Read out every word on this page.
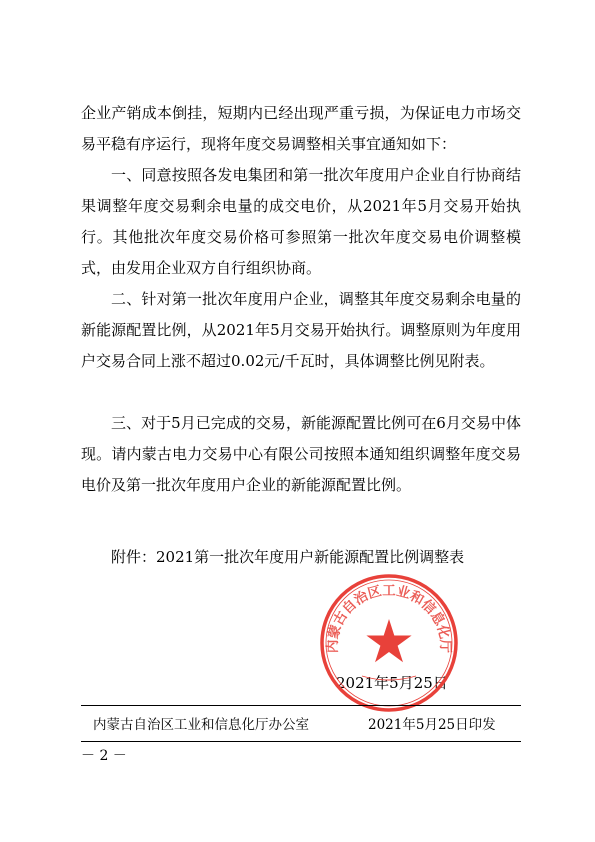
企业产销成本倒挂，短期内已经出现严重亏损，为保证电力市场交易平稳有序运行，现将年度交易调整相关事宜通知如下：

一、同意按照各发电集团和第一批次年度用户企业自行协商结果调整年度交易剩余电量的成交电价，从2021年5月交易开始执行。其他批次年度交易价格可参照第一批次年度交易电价调整模式，由发用企业双方自行组织协商。

二、针对第一批次年度用户企业，调整其年度交易剩余电量的新能源配置比例，从2021年5月交易开始执行。调整原则为年度用户交易合同上涨不超过0.02元/千瓦时，具体调整比例见附表。

三、对于5月已完成的交易，新能源配置比例可在6月交易中体现。请内蒙古电力交易中心有限公司按照本通知组织调整年度交易电价及第一批次年度用户企业的新能源配置比例。

附件：2021第一批次年度用户新能源配置比例调整表
2021年5月25日
内蒙古自治区工业和信息化厅
内蒙古自治区工业和信息化厅办公室	2021年5月25日印发
－ 2 －
